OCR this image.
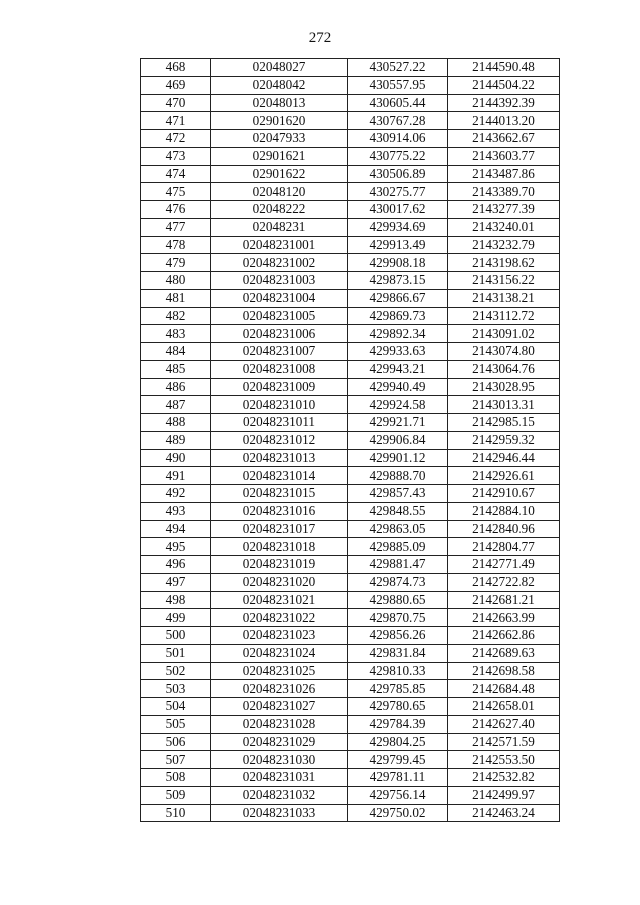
272
468	02048027	430527.22	2144590.48
469	02048042	430557.95	2144504.22
470	02048013	430605.44	2144392.39
471	02901620	430767.28	2144013.20
472	02047933	430914.06	2143662.67
473	02901621	430775.22	2143603.77
474	02901622	430506.89	2143487.86
475	02048120	430275.77	2143389.70
476	02048222	430017.62	2143277.39
477	02048231	429934.69	2143240.01
478	02048231001	429913.49	2143232.79
479	02048231002	429908.18	2143198.62
480	02048231003	429873.15	2143156.22
481	02048231004	429866.67	2143138.21
482	02048231005	429869.73	2143112.72
483	02048231006	429892.34	2143091.02
484	02048231007	429933.63	2143074.80
485	02048231008	429943.21	2143064.76
486	02048231009	429940.49	2143028.95
487	02048231010	429924.58	2143013.31
488	02048231011	429921.71	2142985.15
489	02048231012	429906.84	2142959.32
490	02048231013	429901.12	2142946.44
491	02048231014	429888.70	2142926.61
492	02048231015	429857.43	2142910.67
493	02048231016	429848.55	2142884.10
494	02048231017	429863.05	2142840.96
495	02048231018	429885.09	2142804.77
496	02048231019	429881.47	2142771.49
497	02048231020	429874.73	2142722.82
498	02048231021	429880.65	2142681.21
499	02048231022	429870.75	2142663.99
500	02048231023	429856.26	2142662.86
501	02048231024	429831.84	2142689.63
502	02048231025	429810.33	2142698.58
503	02048231026	429785.85	2142684.48
504	02048231027	429780.65	2142658.01
505	02048231028	429784.39	2142627.40
506	02048231029	429804.25	2142571.59
507	02048231030	429799.45	2142553.50
508	02048231031	429781.11	2142532.82
509	02048231032	429756.14	2142499.97
510	02048231033	429750.02	2142463.24
